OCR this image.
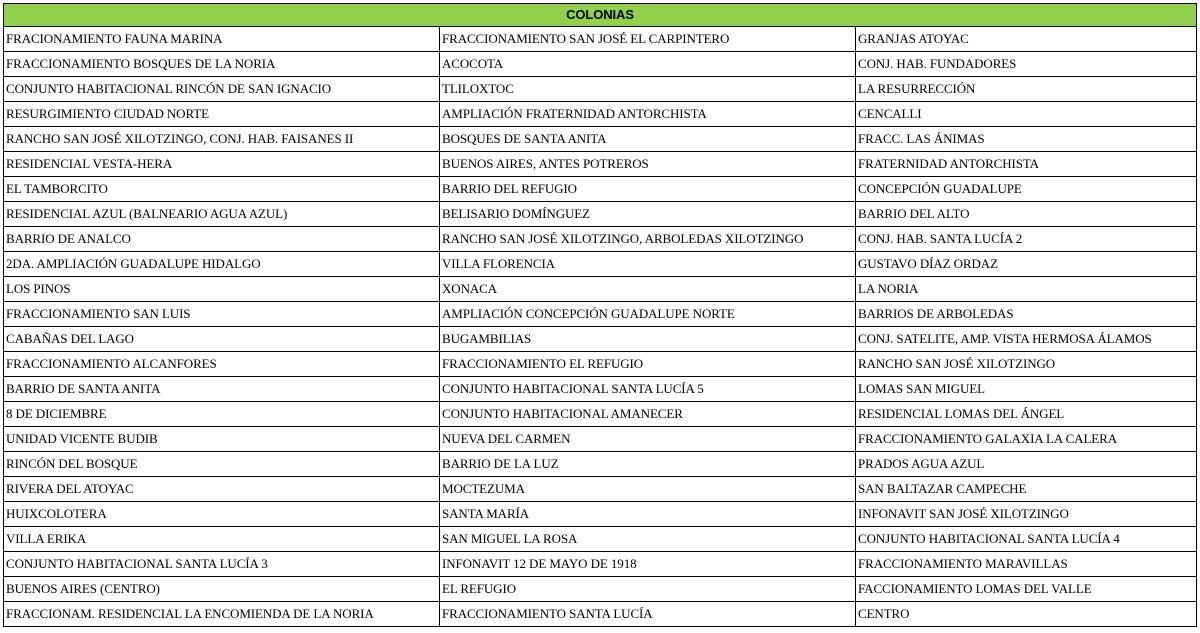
COLONIAS		
FRACIONAMIENTO FAUNA MARINA	FRACCIONAMIENTO SAN JOSÉ EL CARPINTERO	GRANJAS ATOYAC
FRACCIONAMIENTO BOSQUES DE LA NORIA	ACOCOTA	CONJ. HAB. FUNDADORES
CONJUNTO HABITACIONAL RINCÓN DE SAN IGNACIO	TLILOXTOC	LA RESURRECCIÓN
RESURGIMIENTO CIUDAD NORTE	AMPLIACIÓN FRATERNIDAD ANTORCHISTA	CENCALLI
RANCHO SAN JOSÉ XILOTZINGO, CONJ. HAB. FAISANES II	BOSQUES DE SANTA ANITA	FRACC. LAS ÁNIMAS
RESIDENCIAL VESTA-HERA	BUENOS AIRES, ANTES POTREROS	FRATERNIDAD ANTORCHISTA
EL TAMBORCITO	BARRIO DEL REFUGIO	CONCEPCIÓN GUADALUPE
RESIDENCIAL AZUL (BALNEARIO AGUA AZUL)	BELISARIO DOMÍNGUEZ	BARRIO DEL ALTO
BARRIO DE ANALCO	RANCHO SAN JOSÉ XILOTZINGO, ARBOLEDAS XILOTZINGO	CONJ. HAB. SANTA LUCÍA 2
2DA. AMPLIACIÓN GUADALUPE HIDALGO	VILLA FLORENCIA	GUSTAVO DÍAZ ORDAZ
LOS PINOS	XONACA	LA NORIA
FRACCIONAMIENTO SAN LUIS	AMPLIACIÓN CONCEPCIÓN GUADALUPE NORTE	BARRIOS DE ARBOLEDAS
CABAÑAS DEL LAGO	BUGAMBILIAS	CONJ. SATELITE, AMP. VISTA HERMOSA ÁLAMOS
FRACCIONAMIENTO ALCANFORES	FRACCIONAMIENTO EL REFUGIO	RANCHO SAN JOSÉ XILOTZINGO
BARRIO DE SANTA ANITA	CONJUNTO HABITACIONAL SANTA LUCÍA 5	LOMAS SAN MIGUEL
8 DE DICIEMBRE	CONJUNTO HABITACIONAL AMANECER	RESIDENCIAL LOMAS DEL ÁNGEL
UNIDAD VICENTE BUDIB	NUEVA DEL CARMEN	FRACCIONAMIENTO GALAXIA LA CALERA
RINCÓN DEL BOSQUE	BARRIO DE LA LUZ	PRADOS AGUA AZUL
RIVERA DEL ATOYAC	MOCTEZUMA	SAN BALTAZAR CAMPECHE
HUIXCOLOTERA	SANTA MARÍA	INFONAVIT SAN JOSÉ XILOTZINGO
VILLA ERIKA	SAN MIGUEL LA ROSA	CONJUNTO HABITACIONAL SANTA LUCÍA 4
CONJUNTO HABITACIONAL SANTA LUCÍA 3	INFONAVIT 12 DE MAYO DE 1918	FRACCIONAMIENTO MARAVILLAS
BUENOS AIRES (CENTRO)	EL REFUGIO	FACCIONAMIENTO LOMAS DEL VALLE
FRACCIONAM. RESIDENCIAL LA ENCOMIENDA DE LA NORIA	FRACCIONAMIENTO SANTA LUCÍA	CENTRO
